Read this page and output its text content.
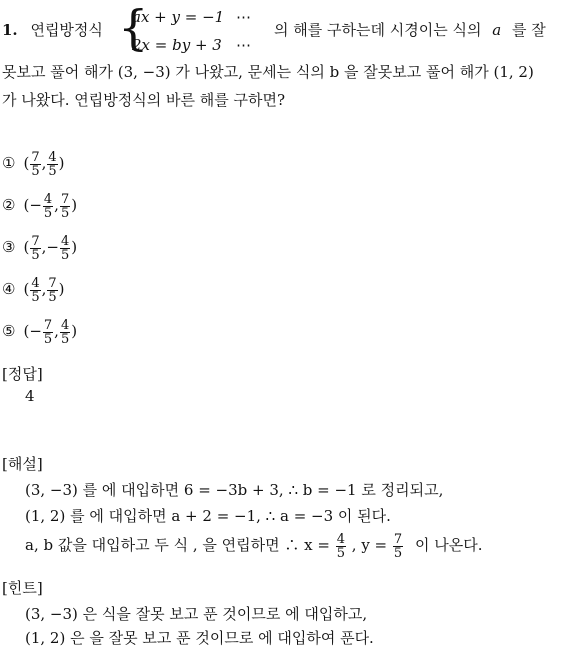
1. 연립방정식 {
ax + y = −1 ⋯
2x = by + 3 ⋯
의 해를 구하는데 시경이는 식의 a 를 잘
못보고 풀어 해가 (3, −3) 가 나왔고, 문세는 식의 b 을 잘못보고 풀어 해가 (1, 2)
가 나왔다. 연립방정식의 바른 해를 구하면?
① ( $\frac{7}{5}$ , $\frac{4}{5}$ )
② (− $\frac{4}{5}$ , $\frac{7}{5}$ )
③ ( $\frac{7}{5}$ ,− $\frac{4}{5}$ )
④ ( $\frac{4}{5}$ , $\frac{7}{5}$ )
⑤ (− $\frac{7}{5}$ , $\frac{4}{5}$ )
[정답]
4
[해설]
(3, −3) 를 에 대입하면 6 = −3b + 3, ∴ b = −1 로 정리되고,
(1, 2) 를 에 대입하면 a + 2 = −1, ∴ a = −3 이 된다.
a, b 값을 대입하고 두 식 , 을 연립하면 ∴ $x = \frac{4}{5}$ , $y = \frac{7}{5}$ 이 나온다.
[힌트]
(3, −3) 은 식을 잘못 보고 푼 것이므로 에 대입하고,
(1, 2) 은 을 잘못 보고 푼 것이므로 에 대입하여 푼다.
